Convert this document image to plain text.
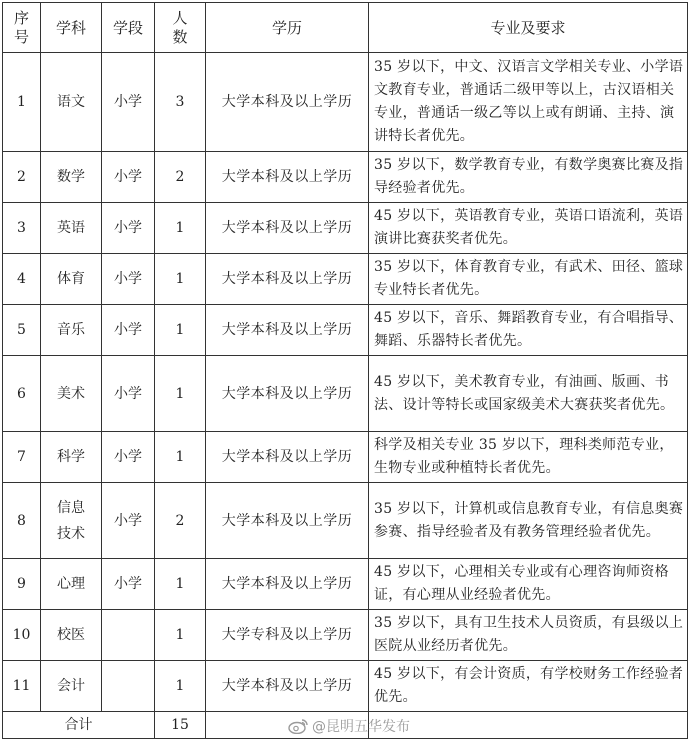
序号	学科	学段	人数	学历	专业及要求
1	语文	小学	3	大学本科及以上学历	35 岁以下，中文、汉语言文学相关专业、小学语文教育专业，普通话二级甲等以上，古汉语相关专业，普通话一级乙等以上或有朗诵、主持、演讲特长者优先。
2	数学	小学	2	大学本科及以上学历	35 岁以下，数学教育专业，有数学奥赛比赛及指导经验者优先。
3	英语	小学	1	大学本科及以上学历	45 岁以下，英语教育专业，英语口语流利，英语演讲比赛获奖者优先。
4	体育	小学	1	大学本科及以上学历	35 岁以下，体育教育专业，有武术、田径、篮球专业特长者优先。
5	音乐	小学	1	大学本科及以上学历	45 岁以下，音乐、舞蹈教育专业，有合唱指导、舞蹈、乐器特长者优先。
6	美术	小学	1	大学本科及以上学历	45 岁以下，美术教育专业，有油画、版画、书法、设计等特长或国家级美术大赛获奖者优先。
7	科学	小学	1	大学本科及以上学历	科学及相关专业 35 岁以下，理科类师范专业，生物专业或种植特长者优先。
8	信息技术	小学	2	大学本科及以上学历	35 岁以下，计算机或信息教育专业，有信息奥赛参赛、指导经验者及有教务管理经验者优先。
9	心理	小学	1	大学本科及以上学历	45 岁以下，心理相关专业或有心理咨询师资格证，有心理从业经验者优先。
10	校医		1	大学专科及以上学历	35 岁以下，具有卫生技术人员资质，有县级以上医院从业经历者优先。
11	会计		1	大学本科及以上学历	45 岁以下，有会计资质，有学校财务工作经验者优先。
合计			15			@昆明五华发布
